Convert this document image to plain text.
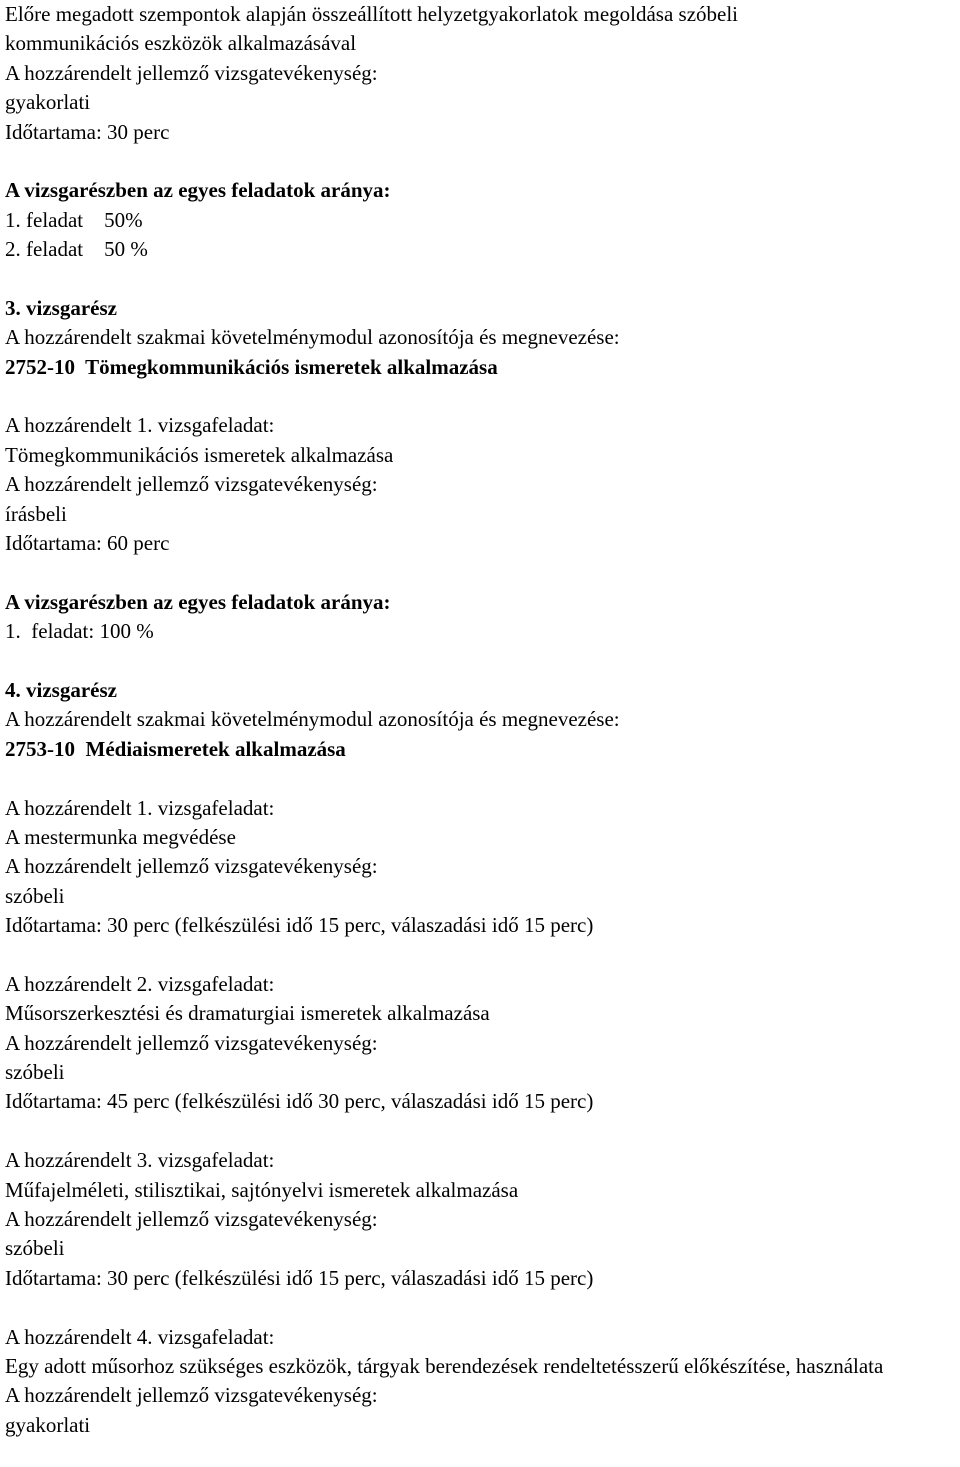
Előre megadott szempontok alapján összeállított helyzetgyakorlatok megoldása szóbeli
kommunikációs eszközök alkalmazásával
A hozzárendelt jellemző vizsgatevékenység:
gyakorlati
Időtartama: 30 perc
A vizsgarészben az egyes feladatok aránya:
1. feladat    50%
2. feladat    50 %
3. vizsgarész
A hozzárendelt szakmai követelménymodul azonosítója és megnevezése:
2752-10  Tömegkommunikációs ismeretek alkalmazása
A hozzárendelt 1. vizsgafeladat:
Tömegkommunikációs ismeretek alkalmazása
A hozzárendelt jellemző vizsgatevékenység:
írásbeli
Időtartama: 60 perc
A vizsgarészben az egyes feladatok aránya:
1.  feladat: 100 %
4. vizsgarész
A hozzárendelt szakmai követelménymodul azonosítója és megnevezése:
2753-10  Médiaismeretek alkalmazása
A hozzárendelt 1. vizsgafeladat:
A mestermunka megvédése
A hozzárendelt jellemző vizsgatevékenység:
szóbeli
Időtartama: 30 perc (felkészülési idő 15 perc, válaszadási idő 15 perc)
A hozzárendelt 2. vizsgafeladat:
Műsorszerkesztési és dramaturgiai ismeretek alkalmazása
A hozzárendelt jellemző vizsgatevékenység:
szóbeli
Időtartama: 45 perc (felkészülési idő 30 perc, válaszadási idő 15 perc)
A hozzárendelt 3. vizsgafeladat:
Műfajelméleti, stilisztikai, sajtónyelvi ismeretek alkalmazása
A hozzárendelt jellemző vizsgatevékenység:
szóbeli
Időtartama: 30 perc (felkészülési idő 15 perc, válaszadási idő 15 perc)
A hozzárendelt 4. vizsgafeladat:
Egy adott műsorhoz szükséges eszközök, tárgyak berendezések rendeltetésszerű előkészítése, használata
A hozzárendelt jellemző vizsgatevékenység:
gyakorlati
